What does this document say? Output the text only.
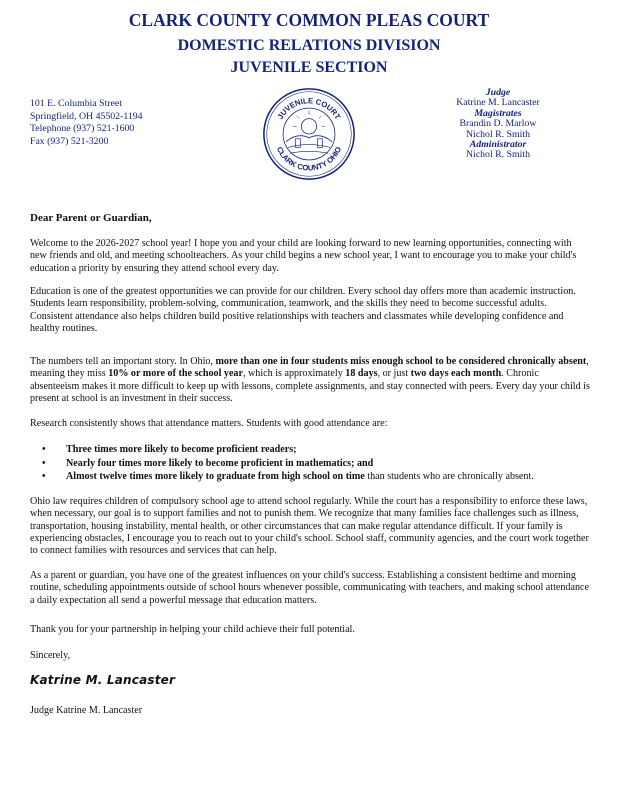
CLARK COUNTY COMMON PLEAS COURT
DOMESTIC RELATIONS DIVISION
JUVENILE SECTION
101 E. Columbia Street
Springfield, OH 45502-1194
Telephone (937) 521-1600
Fax (937) 521-3200
JUVENILE COURT
CLARK COUNTY OHIO
Judge
Katrine M. Lancaster
Magistrates
Brandin D. Marlow
Nichol R. Smith
Administrator
Nichol R. Smith
Dear Parent or Guardian,
Welcome to the 2026-2027 school year! I hope you and your child are looking forward to new learning opportunities, connecting with new friends and old, and meeting schoolteachers. As your child begins a new school year, I want to encourage you to make your child's education a priority by ensuring they attend school every day.
Education is one of the greatest opportunities we can provide for our children. Every school day offers more than academic instruction. Students learn responsibility, problem-solving, communication, teamwork, and the skills they need to become successful adults. Consistent attendance also helps children build positive relationships with teachers and classmates while developing confidence and healthy routines.
The numbers tell an important story. In Ohio, more than one in four students miss enough school to be considered chronically absent, meaning they miss 10% or more of the school year, which is approximately 18 days, or just two days each month. Chronic absenteeism makes it more difficult to keep up with lessons, complete assignments, and stay connected with peers. Every day your child is present at school is an investment in their success.
Research consistently shows that attendance matters. Students with good attendance are:
• Three times more likely to become proficient readers;
• Nearly four times more likely to become proficient in mathematics; and
• Almost twelve times more likely to graduate from high school on time than students who are chronically absent.
Ohio law requires children of compulsory school age to attend school regularly. While the court has a responsibility to enforce these laws, when necessary, our goal is to support families and not to punish them. We recognize that many families face challenges such as illness, transportation, housing instability, mental health, or other circumstances that can make regular attendance difficult. If your family is experiencing obstacles, I encourage you to reach out to your child's school. School staff, community agencies, and the court work together to connect families with resources and services that can help.
As a parent or guardian, you have one of the greatest influences on your child's success. Establishing a consistent bedtime and morning routine, scheduling appointments outside of school hours whenever possible, communicating with teachers, and making school attendance a daily expectation all send a powerful message that education matters.
Thank you for your partnership in helping your child achieve their full potential.
Sincerely,
Katrine M. Lancaster
Judge Katrine M. Lancaster
